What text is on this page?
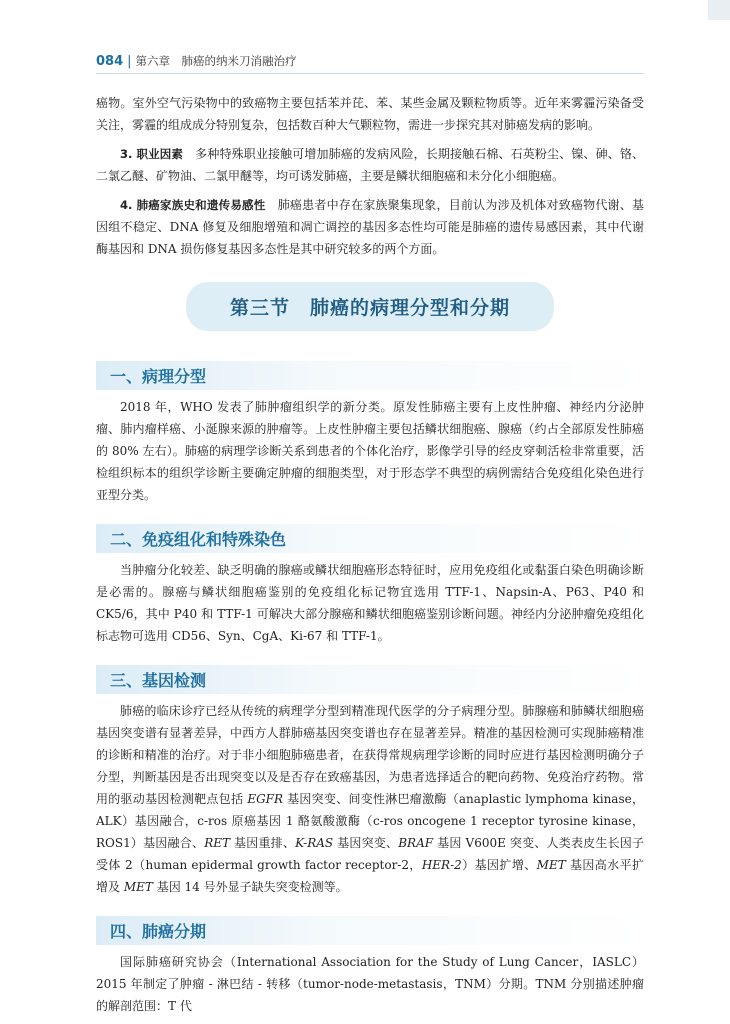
084 | 第六章　肺癌的纳米刀消融治疗

癌物。室外空气污染物中的致癌物主要包括苯并芘、苯、某些金属及颗粒物质等。近年来雾霾污染备受关注，雾霾的组成成分特别复杂，包括数百种大气颗粒物，需进一步探究其对肺癌发病的影响。

3. 职业因素　多种特殊职业接触可增加肺癌的发病风险，长期接触石棉、石英粉尘、镍、砷、铬、二氯乙醚、矿物油、二氯甲醚等，均可诱发肺癌，主要是鳞状细胞癌和未分化小细胞癌。

4. 肺癌家族史和遗传易感性　肺癌患者中存在家族聚集现象，目前认为涉及机体对致癌物代谢、基因组不稳定、DNA 修复及细胞增殖和凋亡调控的基因多态性均可能是肺癌的遗传易感因素，其中代谢酶基因和 DNA 损伤修复基因多态性是其中研究较多的两个方面。

第三节　肺癌的病理分型和分期
一、病理分型

2018 年，WHO 发表了肺肿瘤组织学的新分类。原发性肺癌主要有上皮性肿瘤、神经内分泌肿瘤、肺内瘤样癌、小涎腺来源的肿瘤等。上皮性肿瘤主要包括鳞状细胞癌、腺癌（约占全部原发性肺癌的 80% 左右）。肺癌的病理学诊断关系到患者的个体化治疗，影像学引导的经皮穿刺活检非常重要，活检组织标本的组织学诊断主要确定肿瘤的细胞类型，对于形态学不典型的病例需结合免疫组化染色进行亚型分类。

二、免疫组化和特殊染色

当肿瘤分化较差、缺乏明确的腺癌或鳞状细胞癌形态特征时，应用免疫组化或黏蛋白染色明确诊断是必需的。腺癌与鳞状细胞癌鉴别的免疫组化标记物宜选用 TTF-1、Napsin-A、P63、P40 和 CK5/6，其中 P40 和 TTF-1 可解决大部分腺癌和鳞状细胞癌鉴别诊断问题。神经内分泌肿瘤免疫组化标志物可选用 CD56、Syn、CgA、Ki-67 和 TTF-1。

三、基因检测

肺癌的临床诊疗已经从传统的病理学分型到精准现代医学的分子病理分型。肺腺癌和肺鳞状细胞癌基因突变谱有显著差异，中西方人群肺癌基因突变谱也存在显著差异。精准的基因检测可实现肺癌精准的诊断和精准的治疗。对于非小细胞肺癌患者，在获得常规病理学诊断的同时应进行基因检测明确分子分型，判断基因是否出现突变以及是否存在致癌基因，为患者选择适合的靶向药物、免疫治疗药物。常用的驱动基因检测靶点包括 EGFR 基因突变、间变性淋巴瘤激酶（anaplastic lymphoma kinase，ALK）基因融合，c-ros 原癌基因 1 酪氨酸激酶（c-ros oncogene 1 receptor tyrosine kinase，ROS1）基因融合、RET 基因重排、K-RAS 基因突变、BRAF 基因 V600E 突变、人类表皮生长因子受体 2（human epidermal growth factor receptor-2，HER-2）基因扩增、MET 基因高水平扩增及 MET 基因 14 号外显子缺失突变检测等。

四、肺癌分期

国际肺癌研究协会（International Association for the Study of Lung Cancer，IASLC）2015 年制定了肿瘤 - 淋巴结 - 转移（tumor-node-metastasis，TNM）分期。TNM 分别描述肿瘤的解剖范围：T 代
